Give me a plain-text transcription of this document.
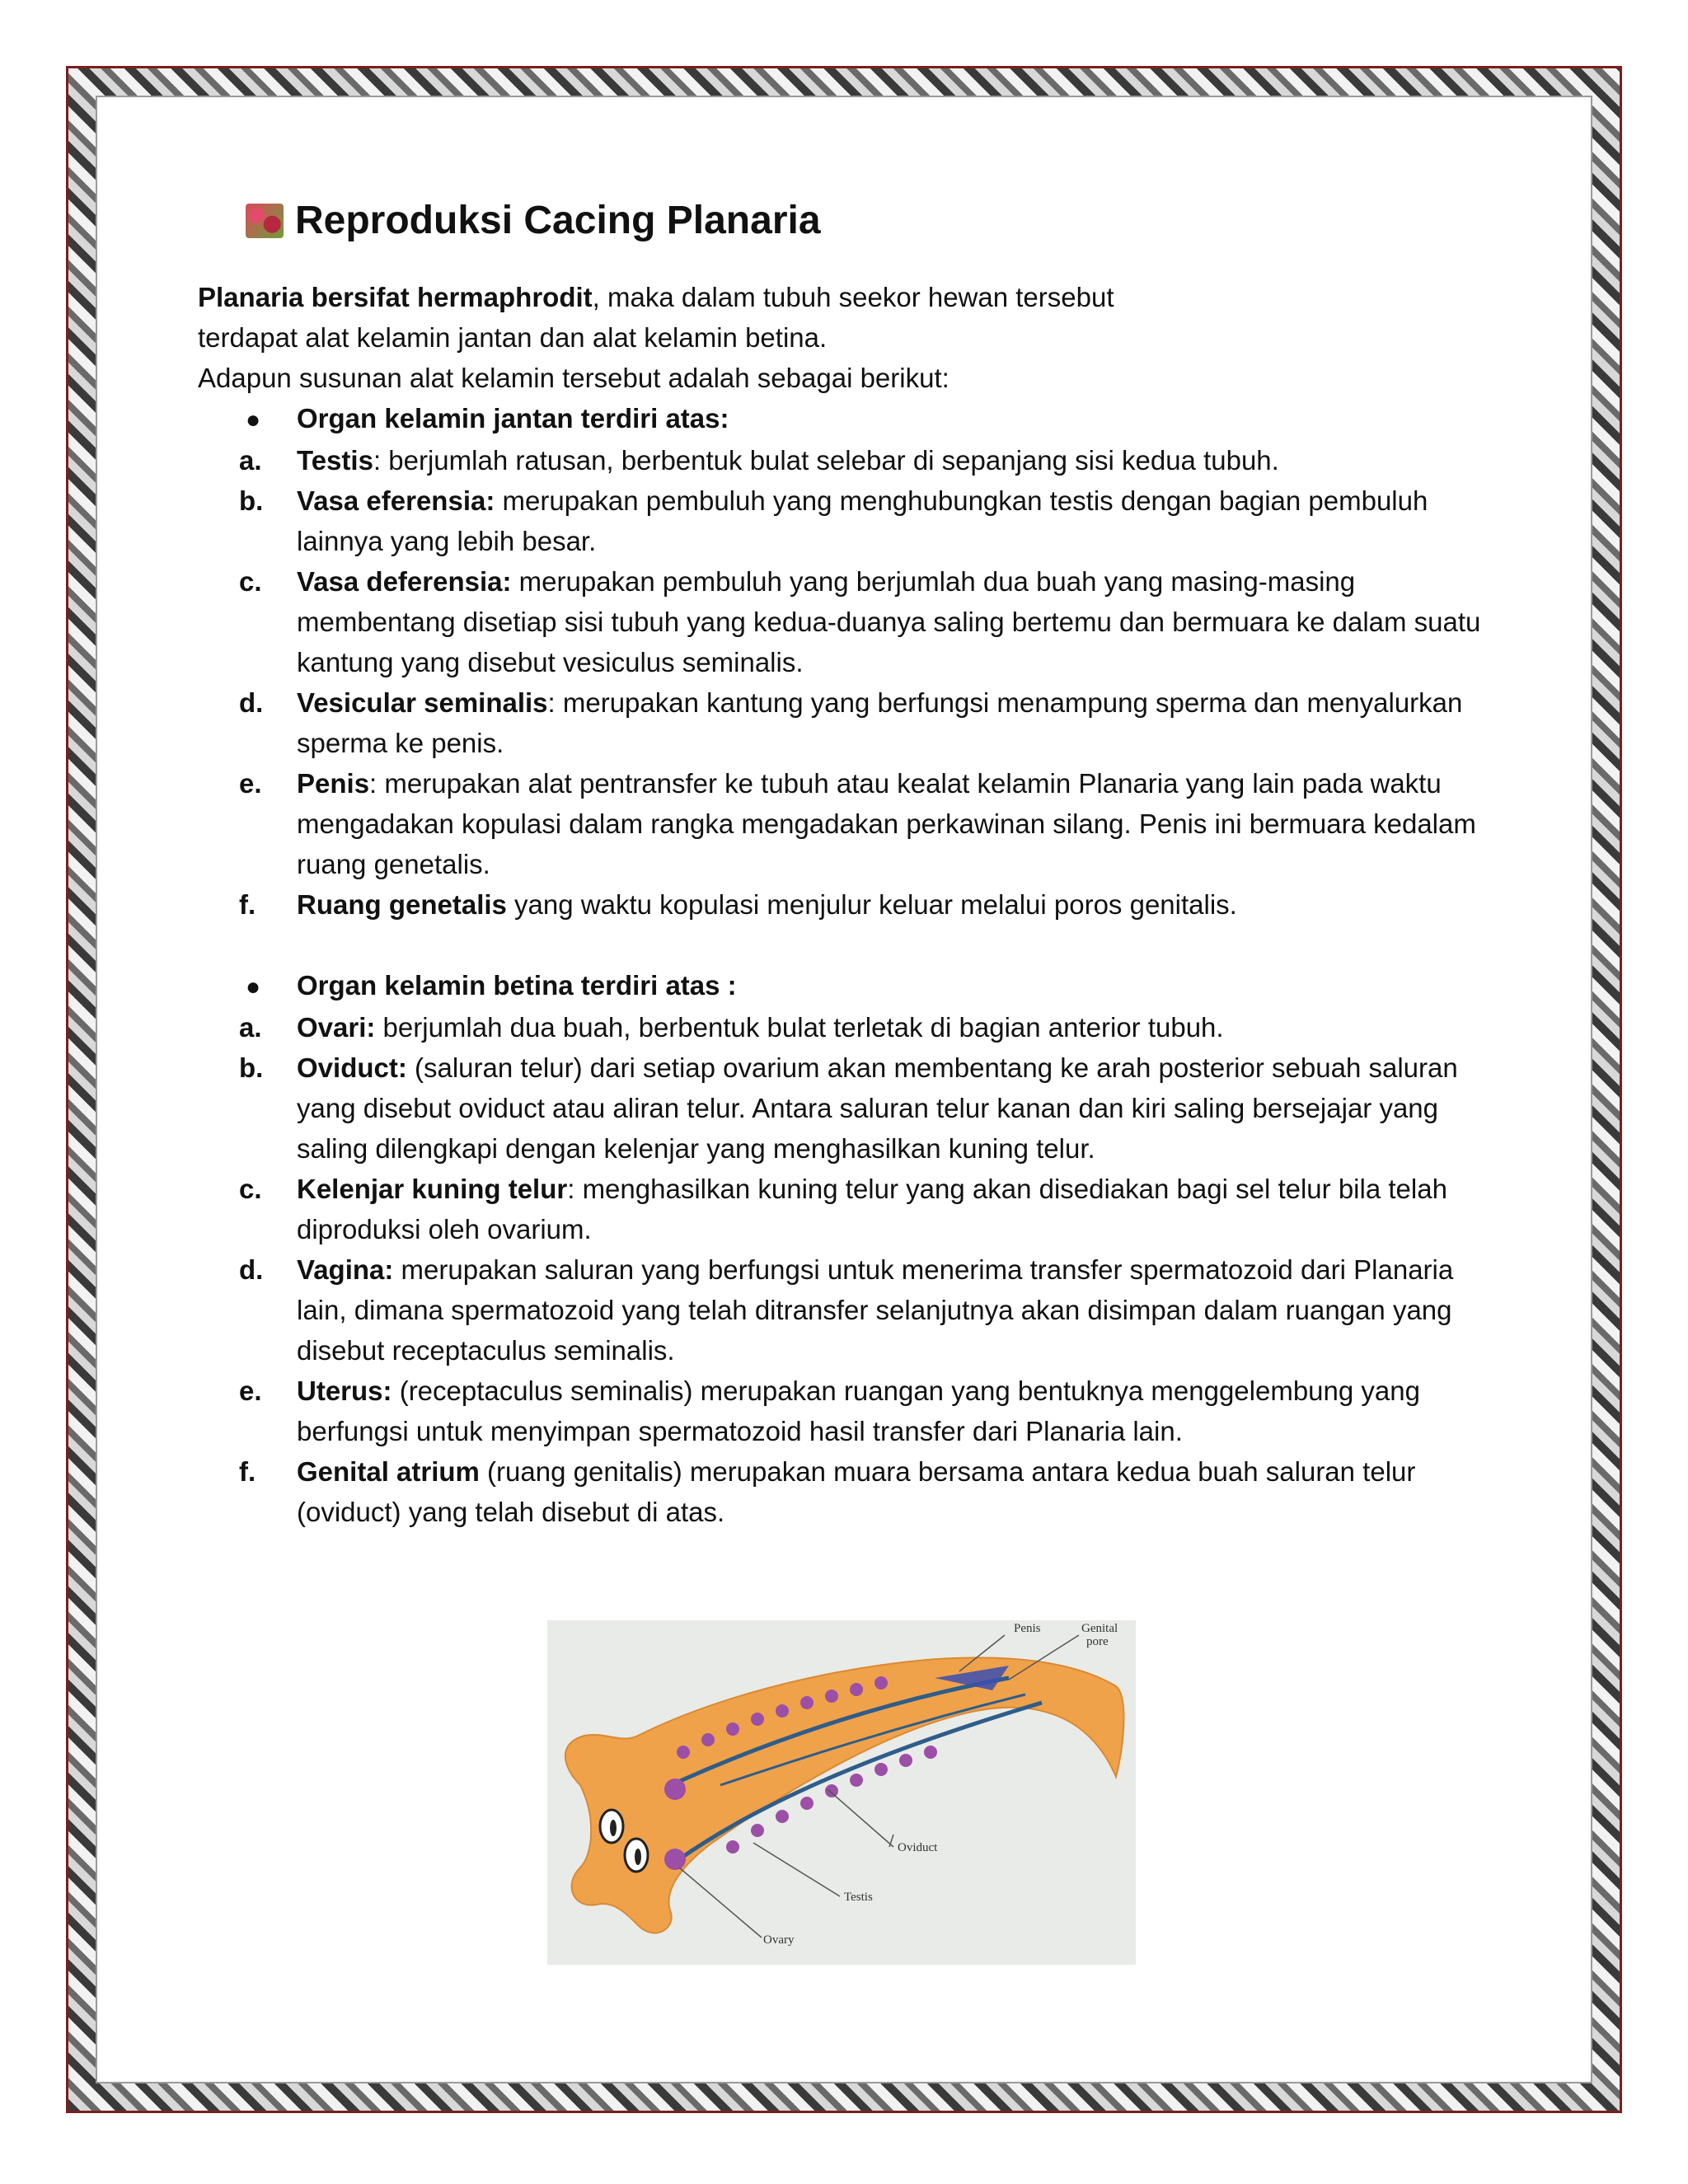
Reproduksi Cacing Planaria

Planaria bersifat hermaphrodit, maka dalam tubuh seekor hewan tersebut

terdapat alat kelamin jantan dan alat kelamin betina.

Adapun susunan alat kelamin tersebut adalah sebagai berikut:

●	Organ kelamin jantan terdiri atas:
a.	Testis: berjumlah ratusan, berbentuk bulat selebar di sepanjang sisi kedua tubuh.
b.	Vasa eferensia: merupakan pembuluh yang menghubungkan testis dengan bagian pembuluh lainnya yang lebih besar.
c.	Vasa deferensia: merupakan pembuluh yang berjumlah dua buah yang masing-masing membentang disetiap sisi tubuh yang kedua-duanya saling bertemu dan bermuara ke dalam suatu kantung yang disebut vesiculus seminalis.
d.	Vesicular seminalis: merupakan kantung yang berfungsi menampung sperma dan menyalurkan sperma ke penis.
e.	Penis: merupakan alat pentransfer ke tubuh atau kealat kelamin Planaria yang lain pada waktu mengadakan kopulasi dalam rangka mengadakan perkawinan silang. Penis ini bermuara kedalam ruang genetalis.
f.	Ruang genetalis yang waktu kopulasi menjulur keluar melalui poros genitalis.
●	Organ kelamin betina terdiri atas :
a.	Ovari: berjumlah dua buah, berbentuk bulat terletak di bagian anterior tubuh.
b.	Oviduct: (saluran telur) dari setiap ovarium akan membentang ke arah posterior sebuah saluran yang disebut oviduct atau aliran telur. Antara saluran telur kanan dan kiri saling bersejajar yang saling dilengkapi dengan kelenjar yang menghasilkan kuning telur.
c.	Kelenjar kuning telur: menghasilkan kuning telur yang akan disediakan bagi sel telur bila telah diproduksi oleh ovarium.
d.	Vagina: merupakan saluran yang berfungsi untuk menerima transfer spermatozoid dari Planaria lain, dimana spermatozoid yang telah ditransfer selanjutnya akan disimpan dalam ruangan yang disebut receptaculus seminalis.
e.	Uterus: (receptaculus seminalis) merupakan ruangan yang bentuknya menggelembung yang berfungsi untuk menyimpan spermatozoid hasil transfer dari Planaria lain.
f.	Genital atrium (ruang genitalis) merupakan muara bersama antara kedua buah saluran telur (oviduct) yang telah disebut di atas.
Penis	Genital
pore
Oviduct
Testis
Ovary
